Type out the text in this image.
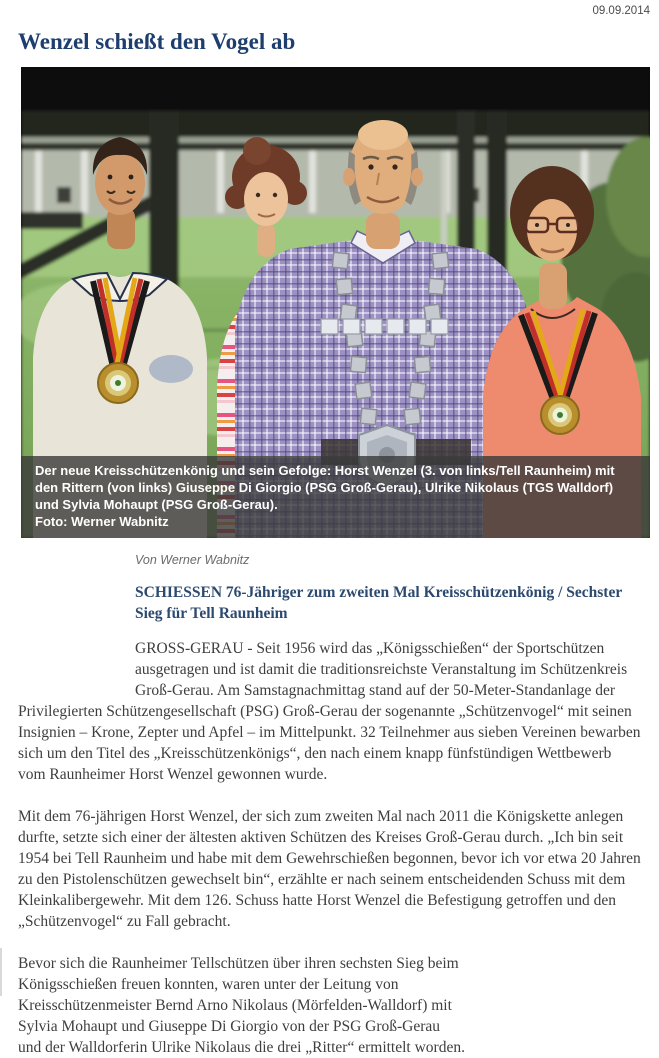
09.09.2014
Wenzel schießt den Vogel ab
Der neue Kreisschützenkönig und sein Gefolge: Horst Wenzel (3. von links/Tell Raunheim) mit den Rittern (von links) Giuseppe Di Giorgio (PSG Groß-Gerau), Ulrike Nikolaus (TGS Walldorf) und Sylvia Mohaupt (PSG Groß-Gerau).
Foto: Werner Wabnitz
Von Werner Wabnitz
SCHIESSEN 76-Jähriger zum zweiten Mal Kreisschützenkönig / Sechster Sieg für Tell Raunheim

GROSS-GERAU - Seit 1956 wird das „Königsschießen“ der Sportschützen ausgetragen und ist damit die traditionsreichste Veranstaltung im Schützenkreis Groß-Gerau. Am Samstagnachmittag stand auf der 50-Meter-Standanlage der Privilegierten Schützengesellschaft (PSG) Groß-Gerau der sogenannte „Schützenvogel“ mit seinen Insignien – Krone, Zepter und Apfel – im Mittelpunkt. 32 Teilnehmer aus sieben Vereinen bewarben sich um den Titel des „Kreisschützenkönigs“, den nach einem knapp fünfstündigen Wettbewerb vom Raunheimer Horst Wenzel gewonnen wurde.

Mit dem 76-jährigen Horst Wenzel, der sich zum zweiten Mal nach 2011 die Königskette anlegen durfte, setzte sich einer der ältesten aktiven Schützen des Kreises Groß-Gerau durch. „Ich bin seit 1954 bei Tell Raunheim und habe mit dem Gewehrschießen begonnen, bevor ich vor etwa 20 Jahren zu den Pistolenschützen gewechselt bin“, erzählte er nach seinem entscheidenden Schuss mit dem Kleinkalibergewehr. Mit dem 126. Schuss hatte Horst Wenzel die Befestigung getroffen und den „Schützenvogel“ zu Fall gebracht.

Bevor sich die Raunheimer Tellschützen über ihren sechsten Sieg beim Königsschießen freuen konnten, waren unter der Leitung von Kreisschützenmeister Bernd Arno Nikolaus (Mörfelden-Walldorf) mit Sylvia Mohaupt und Giuseppe Di Giorgio von der PSG Groß-Gerau und der Walldorferin Ulrike Nikolaus die drei „Ritter“ ermittelt worden.
